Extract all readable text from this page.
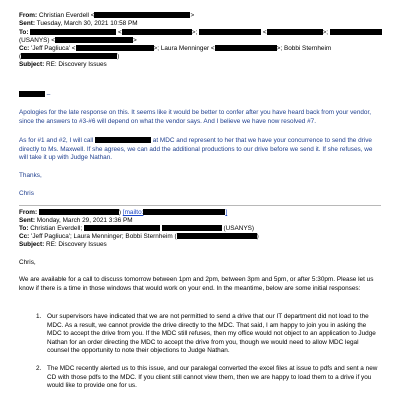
From: Christian Everdell <	>
Sent: Tuesday, March 30, 2021 10:58 PM
To:	<	>;	<	>;
(USANYS) <	>
Cc: 'Jeff Pagliuca' <	>; Laura Menninger <	>; Bobbi Sternheim
(	)
Subject: RE: Discovery Issues
–
Apologies for the late response on this. It seems like it would be better to confer after you have heard back from your vendor, since the answers to #3-#6 will depend on what the vendor says. And I believe we have now resolved #7.
As for #1 and #2, I will call	at MDC and represent to her that we have your concurrence to send the drive directly to Ms. Maxwell. If she agrees, we can add the additional productions to our drive before we send it. If she refuses, we will take it up with Judge Nathan.
Thanks,
Chris
From:	) [mailto:	]
Sent: Monday, March 29, 2021 3:36 PM
To: Christian Everdell;	(USANYS)
Cc: 'Jeff Pagliuca'; Laura Menninger; Bobbi Sternheim (	)
Subject: RE: Discovery Issues
Chris,
We are available for a call to discuss tomorrow between 1pm and 2pm, between 3pm and 5pm, or after 5:30pm. Please let us know if there is a time in those windows that would work on your end. In the meantime, below are some initial responses:
1. Our supervisors have indicated that we are not permitted to send a drive that our IT department did not load to the MDC. As a result, we cannot provide the drive directly to the MDC. That said, I am happy to join you in asking the MDC to accept the drive from you. If the MDC still refuses, then my office would not object to an application to Judge Nathan for an order directing the MDC to accept the drive from you, though we would need to allow MDC legal counsel the opportunity to note their objections to Judge Nathan.
2. The MDC recently alerted us to this issue, and our paralegal converted the excel files at issue to pdfs and sent a new CD with those pdfs to the MDC. If you client still cannot view them, then we are happy to load them to a drive if you would like to provide one for us.
